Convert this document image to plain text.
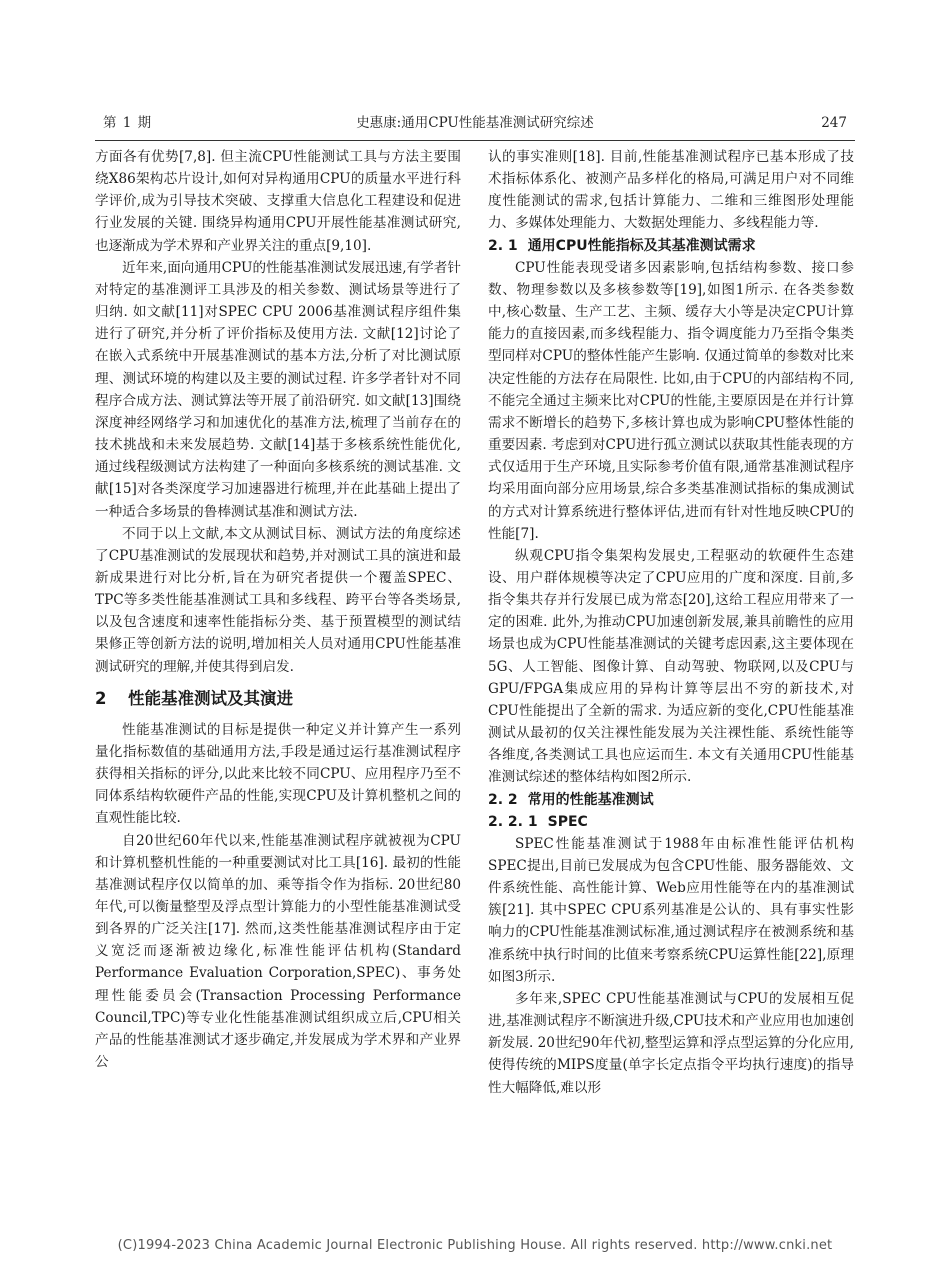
第 1 期	史惠康:通用CPU性能基准测试研究综述	247

方面各有优势[7,8]. 但主流CPU性能测试工具与方法主要围绕X86架构芯片设计,如何对异构通用CPU的质量水平进行科学评价,成为引导技术突破、支撑重大信息化工程建设和促进行业发展的关键. 围绕异构通用CPU开展性能基准测试研究,也逐渐成为学术界和产业界关注的重点[9,10].

近年来,面向通用CPU的性能基准测试发展迅速,有学者针对特定的基准测评工具涉及的相关参数、测试场景等进行了归纳. 如文献[11]对SPEC CPU 2006基准测试程序组件集进行了研究,并分析了评价指标及使用方法. 文献[12]讨论了在嵌入式系统中开展基准测试的基本方法,分析了对比测试原理、测试环境的构建以及主要的测试过程. 许多学者针对不同程序合成方法、测试算法等开展了前沿研究. 如文献[13]围绕深度神经网络学习和加速优化的基准方法,梳理了当前存在的技术挑战和未来发展趋势. 文献[14]基于多核系统性能优化,通过线程级测试方法构建了一种面向多核系统的测试基准. 文献[15]对各类深度学习加速器进行梳理,并在此基础上提出了一种适合多场景的鲁棒测试基准和测试方法.

不同于以上文献,本文从测试目标、测试方法的角度综述了CPU基准测试的发展现状和趋势,并对测试工具的演进和最新成果进行对比分析,旨在为研究者提供一个覆盖SPEC、TPC等多类性能基准测试工具和多线程、跨平台等各类场景,以及包含速度和速率性能指标分类、基于预置模型的测试结果修正等创新方法的说明,增加相关人员对通用CPU性能基准测试研究的理解,并使其得到启发.

2 性能基准测试及其演进

性能基准测试的目标是提供一种定义并计算产生一系列量化指标数值的基础通用方法,手段是通过运行基准测试程序获得相关指标的评分,以此来比较不同CPU、应用程序乃至不同体系结构软硬件产品的性能,实现CPU及计算机整机之间的直观性能比较.

自20世纪60年代以来,性能基准测试程序就被视为CPU和计算机整机性能的一种重要测试对比工具[16]. 最初的性能基准测试程序仅以简单的加、乘等指令作为指标. 20世纪80年代,可以衡量整型及浮点型计算能力的小型性能基准测试受到各界的广泛关注[17]. 然而,这类性能基准测试程序由于定义宽泛而逐渐被边缘化,标准性能评估机构(Standard Performance Evaluation Corporation,SPEC)、事务处理性能委员会(Transaction Processing Performance Council,TPC)等专业化性能基准测试组织成立后,CPU相关产品的性能基准测试才逐步确定,并发展成为学术界和产业界公

认的事实准则[18]. 目前,性能基准测试程序已基本形成了技术指标体系化、被测产品多样化的格局,可满足用户对不同维度性能测试的需求,包括计算能力、二维和三维图形处理能力、多媒体处理能力、大数据处理能力、多线程能力等.

2. 1 通用CPU性能指标及其基准测试需求

CPU性能表现受诸多因素影响,包括结构参数、接口参数、物理参数以及多核参数等[19],如图1所示. 在各类参数中,核心数量、生产工艺、主频、缓存大小等是决定CPU计算能力的直接因素,而多线程能力、指令调度能力乃至指令集类型同样对CPU的整体性能产生影响. 仅通过简单的参数对比来决定性能的方法存在局限性. 比如,由于CPU的内部结构不同,不能完全通过主频来比对CPU的性能,主要原因是在并行计算需求不断增长的趋势下,多核计算也成为影响CPU整体性能的重要因素. 考虑到对CPU进行孤立测试以获取其性能表现的方式仅适用于生产环境,且实际参考价值有限,通常基准测试程序均采用面向部分应用场景,综合多类基准测试指标的集成测试的方式对计算系统进行整体评估,进而有针对性地反映CPU的性能[7].

纵观CPU指令集架构发展史,工程驱动的软硬件生态建设、用户群体规模等决定了CPU应用的广度和深度. 目前,多指令集共存并行发展已成为常态[20],这给工程应用带来了一定的困难. 此外,为推动CPU加速创新发展,兼具前瞻性的应用场景也成为CPU性能基准测试的关键考虑因素,这主要体现在5G、人工智能、图像计算、自动驾驶、物联网,以及CPU与GPU/FPGA集成应用的异构计算等层出不穷的新技术,对CPU性能提出了全新的需求. 为适应新的变化,CPU性能基准测试从最初的仅关注裸性能发展为关注裸性能、系统性能等各维度,各类测试工具也应运而生. 本文有关通用CPU性能基准测试综述的整体结构如图2所示.

2. 2 常用的性能基准测试
2. 2. 1 SPEC

SPEC性能基准测试于1988年由标准性能评估机构SPEC提出,目前已发展成为包含CPU性能、服务器能效、文件系统性能、高性能计算、Web应用性能等在内的基准测试簇[21]. 其中SPEC CPU系列基准是公认的、具有事实性影响力的CPU性能基准测试标准,通过测试程序在被测系统和基准系统中执行时间的比值来考察系统CPU运算性能[22],原理如图3所示.

多年来,SPEC CPU性能基准测试与CPU的发展相互促进,基准测试程序不断演进升级,CPU技术和产业应用也加速创新发展. 20世纪90年代初,整型运算和浮点型运算的分化应用,使得传统的MIPS度量(单字长定点指令平均执行速度)的指导性大幅降低,难以形

(C)1994-2023 China Academic Journal Electronic Publishing House. All rights reserved. http://www.cnki.net
